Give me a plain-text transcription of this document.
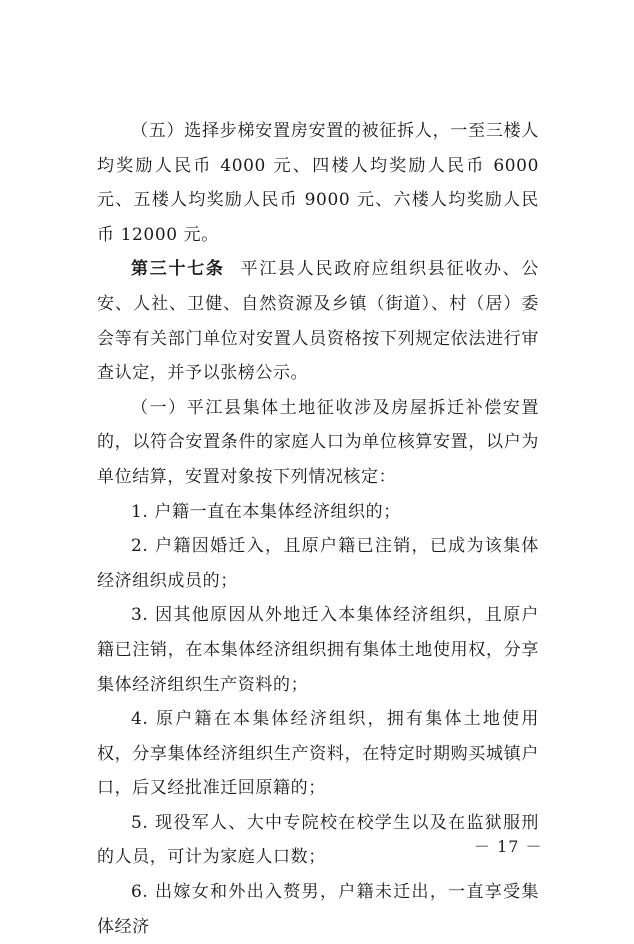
（五）选择步梯安置房安置的被征拆人，一至三楼人均奖励人民币 4000 元、四楼人均奖励人民币 6000 元、五楼人均奖励人民币 9000 元、六楼人均奖励人民币 12000 元。

第三十七条 平江县人民政府应组织县征收办、公安、人社、卫健、自然资源及乡镇（街道）、村（居）委会等有关部门单位对安置人员资格按下列规定依法进行审查认定，并予以张榜公示。

（一）平江县集体土地征收涉及房屋拆迁补偿安置的，以符合安置条件的家庭人口为单位核算安置，以户为单位结算，安置对象按下列情况核定：

1. 户籍一直在本集体经济组织的；

2. 户籍因婚迁入，且原户籍已注销，已成为该集体经济组织成员的；

3. 因其他原因从外地迁入本集体经济组织，且原户籍已注销，在本集体经济组织拥有集体土地使用权，分享集体经济组织生产资料的；

4. 原户籍在本集体经济组织，拥有集体土地使用权，分享集体经济组织生产资料，在特定时期购买城镇户口，后又经批准迁回原籍的；

5. 现役军人、大中专院校在校学生以及在监狱服刑的人员，可计为家庭人口数；

6. 出嫁女和外出入赘男，户籍未迁出，一直享受集体经济

－ 17 －
